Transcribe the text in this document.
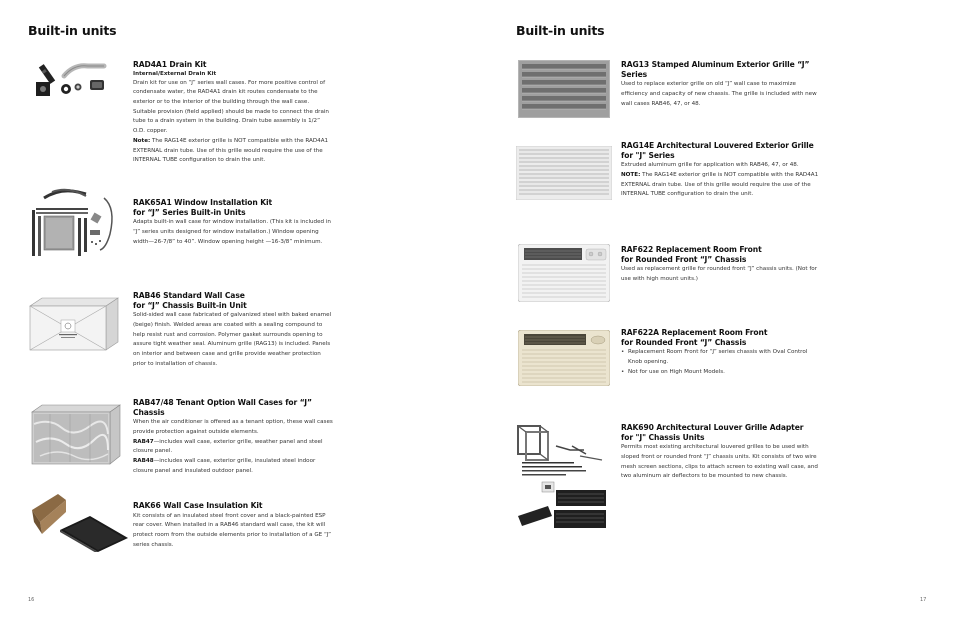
Built-in units
RAD4A1 Drain Kit
Internal/External Drain Kit
Drain kit for use on “J” series wall cases. For more positive control of condensate water, the RAD4A1 drain kit routes condensate to the exterior or to the interior of the building through the wall case. Suitable provision (field applied) should be made to connect the drain tube to a drain system in the building. Drain tube assembly is 1/2” O.D. copper.
Note: The RAG14E exterior grille is NOT compatible with the RAD4A1 EXTERNAL drain tube. Use of this grille would require the use of the INTERNAL TUBE configuration to drain the unit.
RAK65A1 Window Installation Kit
for “J” Series Built-in Units
Adapts built-in wall case for window installation. (This kit is included in “J” series units designed for window installation.) Window opening width—26-7/8” to 40”. Window opening height —16-3/8” minimum.
RAB46 Standard Wall Case
for “J” Chassis Built-in Unit
Solid-sided wall case fabricated of galvanized steel with baked enamel (beige) finish. Welded areas are coated with a sealing compound to help resist rust and corrosion. Polymer gasket surrounds opening to assure tight weather seal. Aluminum grille (RAG13) is included. Panels on interior and between case and grille provide weather protection prior to installation of chassis.
RAB47/48 Tenant Option Wall Cases for “J” Chassis
When the air conditioner is offered as a tenant option, these wall cases provide protection against outside elements.
RAB47—includes wall case, exterior grille, weather panel and steel closure panel.
RAB48—includes wall case, exterior grille, insulated steel indoor closure panel and insulated outdoor panel.
RAK66 Wall Case Insulation Kit
Kit consists of an insulated steel front cover and a black-painted ESP rear cover. When installed in a RAB46 standard wall case, the kit will protect room from the outside elements prior to installation of a GE “J” series chassis.
16
Built-in units
RAG13 Stamped Aluminum Exterior Grille “J” Series
Used to replace exterior grille on old “J” wall case to maximize efficiency and capacity of new chassis. The grille is included with new wall cases RAB46, 47, or 48.
RAG14E Architectural Louvered Exterior Grille
for "J" Series
Extruded aluminum grille for application with RAB46, 47, or 48.
NOTE: The RAG14E exterior grille is NOT compatible with the RAD4A1 EXTERNAL drain tube. Use of this grille would require the use of the INTERNAL TUBE configuration to drain the unit.
RAF622 Replacement Room Front
for Rounded Front “J” Chassis
Used as replacement grille for rounded front “J” chassis units. (Not for use with high mount units.)
RAF622A Replacement Room Front
for Rounded Front “J” Chassis
• Replacement Room Front for “J” series chassis with Oval Control Knob opening.
• Not for use on High Mount Models.
RAK690 Architectural Louver Grille Adapter
for "J" Chassis Units
Permits most existing architectural louvered grilles to be used with sloped front or rounded front “J” chassis units. Kit consists of two wire mesh screen sections, clips to attach screen to existing wall case, and two aluminum air deflectors to be mounted to new chassis.
17
